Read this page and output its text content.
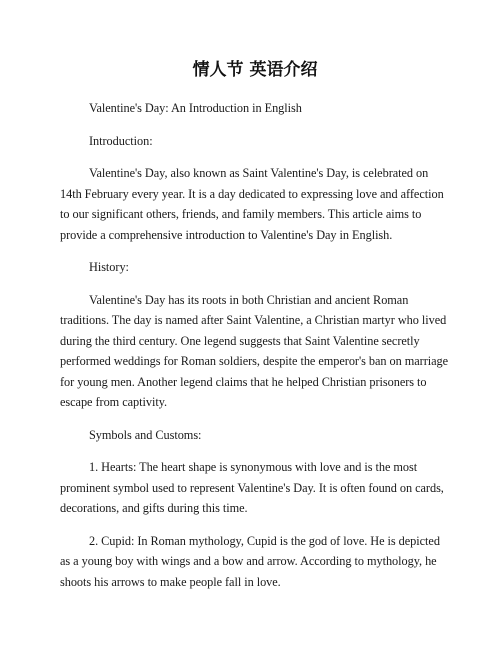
情人节 英语介绍

Valentine's Day: An Introduction in English

Introduction:

Valentine's Day, also known as Saint Valentine's Day, is celebrated on 14th February every year. It is a day dedicated to expressing love and affection to our significant others, friends, and family members. This article aims to provide a comprehensive introduction to Valentine's Day in English.

History:

Valentine's Day has its roots in both Christian and ancient Roman traditions. The day is named after Saint Valentine, a Christian martyr who lived during the third century. One legend suggests that Saint Valentine secretly performed weddings for Roman soldiers, despite the emperor's ban on marriage for young men. Another legend claims that he helped Christian prisoners to escape from captivity.

Symbols and Customs:

1. Hearts: The heart shape is synonymous with love and is the most prominent symbol used to represent Valentine's Day. It is often found on cards, decorations, and gifts during this time.

2. Cupid: In Roman mythology, Cupid is the god of love. He is depicted as a young boy with wings and a bow and arrow. According to mythology, he shoots his arrows to make people fall in love.
